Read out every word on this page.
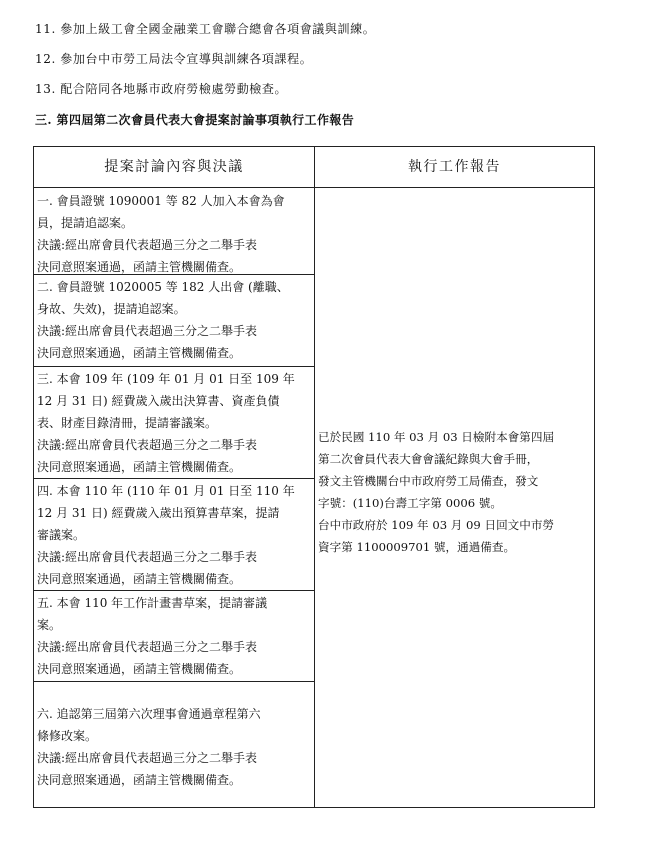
11. 參加上級工會全國金融業工會聯合總會各項會議與訓練。
12. 參加台中市勞工局法令宣導與訓練各項課程。
13. 配合陪同各地縣市政府勞檢處勞動檢查。
三. 第四屆第二次會員代表大會提案討論事項執行工作報告
提案討論內容與決議	執行工作報告

一. 會員證號 1090001 等 82 人加入本會為會

員，提請追認案。

決議:經出席會員代表超過三分之二舉手表

決同意照案通過，函請主管機關備查。

二. 會員證號 1020005 等 182 人出會 (離職、

身故、失效)，提請追認案。

決議:經出席會員代表超過三分之二舉手表

決同意照案通過，函請主管機關備查。

三. 本會 109 年 (109 年 01 月 01 日至 109 年

12 月 31 日) 經費歲入歲出決算書、資產負債

表、財產目錄清冊，提請審議案。

決議:經出席會員代表超過三分之二舉手表

決同意照案通過，函請主管機關備查。

四. 本會 110 年 (110 年 01 月 01 日至 110 年

12 月 31 日) 經費歲入歲出預算書草案，提請

審議案。

決議:經出席會員代表超過三分之二舉手表

決同意照案通過，函請主管機關備查。

五. 本會 110 年工作計畫書草案，提請審議

案。

決議:經出席會員代表超過三分之二舉手表

決同意照案通過，函請主管機關備查。

六. 追認第三屆第六次理事會通過章程第六

條修改案。

決議:經出席會員代表超過三分之二舉手表

決同意照案通過，函請主管機關備查。

已於民國 110 年 03 月 03 日檢附本會第四屆

第二次會員代表大會會議紀錄與大會手冊，

發文主管機關台中市政府勞工局備查，發文

字號：(110)台壽工字第 0006 號。

台中市政府於 109 年 03 月 09 日回文中市勞

資字第 1100009701 號，通過備查。
